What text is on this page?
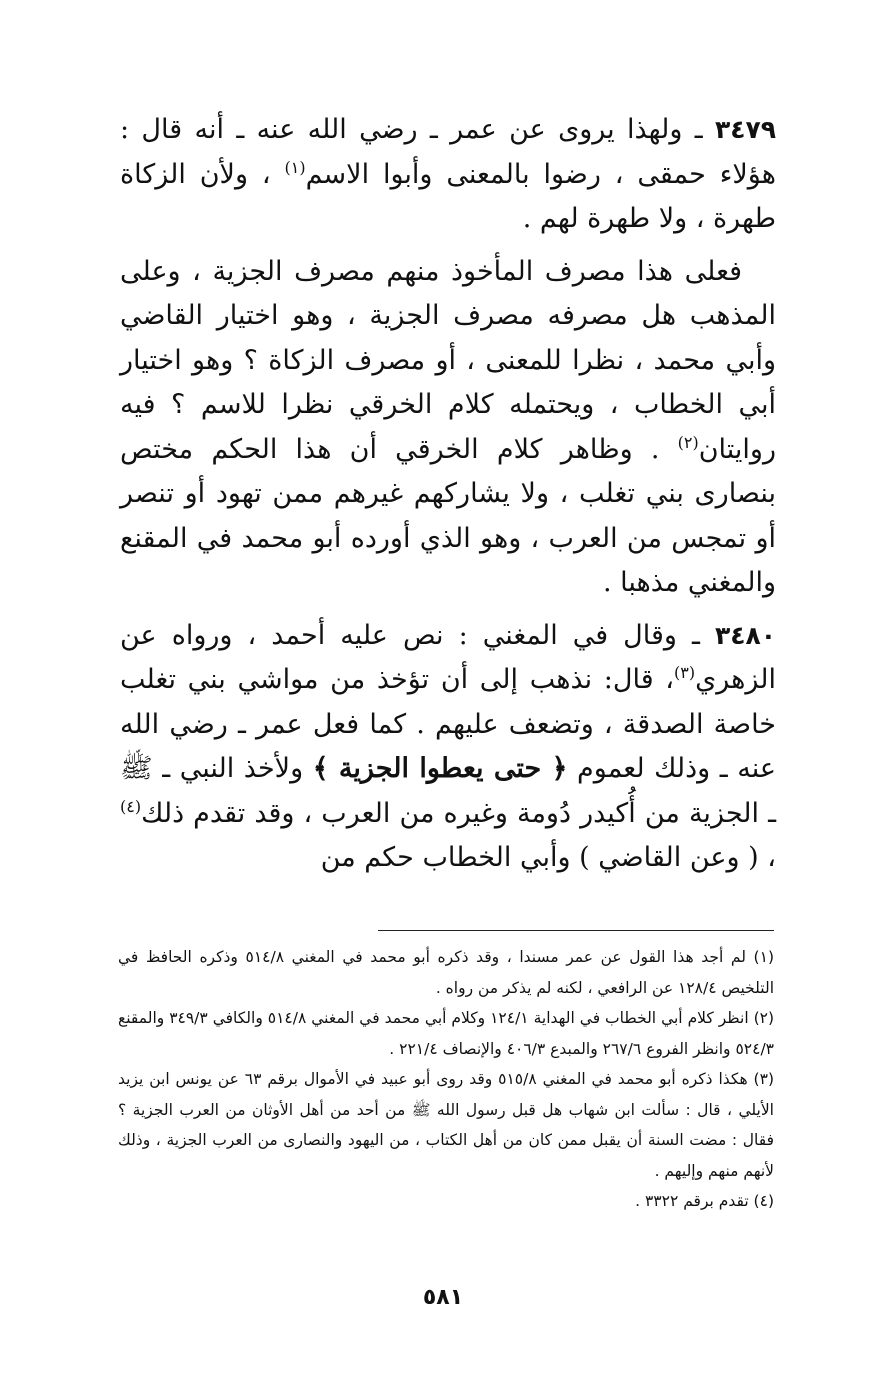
٣٤٧٩ ـ ولهذا يروى عن عمر ـ رضي الله عنه ـ أنه قال : هؤلاء حمقى ، رضوا بالمعنى وأبوا الاسم$^{(١)}$ ، ولأن الزكاة طهرة ، ولا طهرة لهم .

فعلى هذا مصرف المأخوذ منهم مصرف الجزية ، وعلى المذهب هل مصرفه مصرف الجزية ، وهو اختيار القاضي وأبي محمد ، نظرا للمعنى ، أو مصرف الزكاة ؟ وهو اختيار أبي الخطاب ، ويحتمله كلام الخرقي نظرا للاسم ؟ فيه روايتان$^{(٢)}$ . وظاهر كلام الخرقي أن هذا الحكم مختص بنصارى بني تغلب ، ولا يشاركهم غيرهم ممن تهود أو تنصر أو تمجس من العرب ، وهو الذي أورده أبو محمد في المقنع والمغني مذهبا .

٣٤٨٠ ـ وقال في المغني : نص عليه أحمد ، ورواه عن الزهري$^{(٣)}$، قال: نذهب إلى أن تؤخذ من مواشي بني تغلب خاصة الصدقة ، وتضعف عليهم . كما فعل عمر ـ رضي الله عنه ـ وذلك لعموم ﴿ حتى يعطوا الجزية ﴾ ولأخذ النبي ـ ﷺ ـ الجزية من أُكيدر دُومة وغيره من العرب ، وقد تقدم ذلك$^{(٤)}$ ، ( وعن القاضي ) وأبي الخطاب حكم من

(١) لم أجد هذا القول عن عمر مسندا ، وقد ذكره أبو محمد في المغني ٥١٤/٨ وذكره الحافظ في التلخيص ١٢٨/٤ عن الرافعي ، لكنه لم يذكر من رواه .

(٢) انظر كلام أبي الخطاب في الهداية ١٢٤/١ وكلام أبي محمد في المغني ٥١٤/٨ والكافي ٣٤٩/٣ والمقنع ٥٢٤/٣ وانظر الفروع ٢٦٧/٦ والمبدع ٤٠٦/٣ والإنصاف ٢٢١/٤ .

(٣) هكذا ذكره أبو محمد في المغني ٥١٥/٨ وقد روى أبو عبيد في الأموال برقم ٦٣ عن يونس ابن يزيد الأيلي ، قال : سألت ابن شهاب هل قبل رسول الله ﷺ من أحد من أهل الأوثان من العرب الجزية ؟ فقال : مضت السنة أن يقبل ممن كان من أهل الكتاب ، من اليهود والنصارى من العرب الجزية ، وذلك لأنهم منهم وإليهم .

(٤) تقدم برقم ٣٣٢٢ .

٥٨١
